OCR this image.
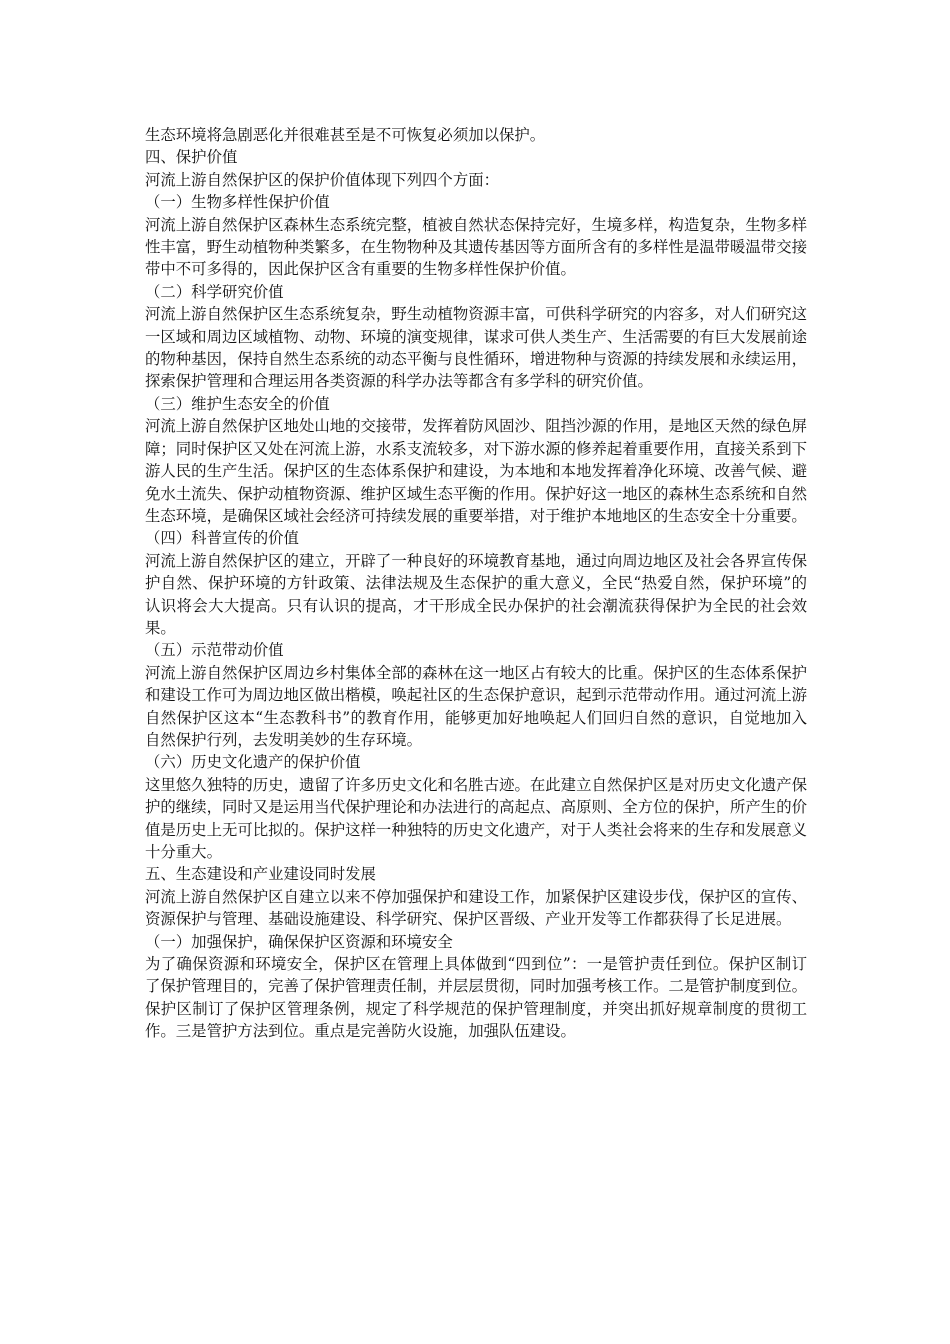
生态环境将急剧恶化并很难甚至是不可恢复必须加以保护。

四、保护价值

河流上游自然保护区的保护价值体现下列四个方面：

（一）生物多样性保护价值

河流上游自然保护区森林生态系统完整，植被自然状态保持完好，生境多样，构造复杂，生物多样性丰富，野生动植物种类繁多，在生物物种及其遗传基因等方面所含有的多样性是温带暖温带交接带中不可多得的，因此保护区含有重要的生物多样性保护价值。

（二）科学研究价值

河流上游自然保护区生态系统复杂，野生动植物资源丰富，可供科学研究的内容多，对人们研究这一区域和周边区域植物、动物、环境的演变规律，谋求可供人类生产、生活需要的有巨大发展前途的物种基因，保持自然生态系统的动态平衡与良性循环，增进物种与资源的持续发展和永续运用，探索保护管理和合理运用各类资源的科学办法等都含有多学科的研究价值。

（三）维护生态安全的价值

河流上游自然保护区地处山地的交接带，发挥着防风固沙、阻挡沙源的作用，是地区天然的绿色屏障；同时保护区又处在河流上游，水系支流较多，对下游水源的修养起着重要作用，直接关系到下游人民的生产生活。保护区的生态体系保护和建设，为本地和本地发挥着净化环境、改善气候、避免水土流失、保护动植物资源、维护区域生态平衡的作用。保护好这一地区的森林生态系统和自然生态环境，是确保区域社会经济可持续发展的重要举措，对于维护本地地区的生态安全十分重要。

（四）科普宣传的价值

河流上游自然保护区的建立，开辟了一种良好的环境教育基地，通过向周边地区及社会各界宣传保护自然、保护环境的方针政策、法律法规及生态保护的重大意义，全民“热爱自然，保护环境”的认识将会大大提高。只有认识的提高，才干形成全民办保护的社会潮流获得保护为全民的社会效果。

（五）示范带动价值

河流上游自然保护区周边乡村集体全部的森林在这一地区占有较大的比重。保护区的生态体系保护和建设工作可为周边地区做出楷模，唤起社区的生态保护意识，起到示范带动作用。通过河流上游自然保护区这本“生态教科书”的教育作用，能够更加好地唤起人们回归自然的意识，自觉地加入自然保护行列，去发明美妙的生存环境。

（六）历史文化遗产的保护价值

这里悠久独特的历史，遗留了许多历史文化和名胜古迹。在此建立自然保护区是对历史文化遗产保护的继续，同时又是运用当代保护理论和办法进行的高起点、高原则、全方位的保护，所产生的价值是历史上无可比拟的。保护这样一种独特的历史文化遗产，对于人类社会将来的生存和发展意义十分重大。

五、生态建设和产业建设同时发展

河流上游自然保护区自建立以来不停加强保护和建设工作，加紧保护区建设步伐，保护区的宣传、资源保护与管理、基础设施建设、科学研究、保护区晋级、产业开发等工作都获得了长足进展。

（一）加强保护，确保保护区资源和环境安全

为了确保资源和环境安全，保护区在管理上具体做到“四到位”：一是管护责任到位。保护区制订了保护管理目的，完善了保护管理责任制，并层层贯彻，同时加强考核工作。二是管护制度到位。保护区制订了保护区管理条例，规定了科学规范的保护管理制度，并突出抓好规章制度的贯彻工作。三是管护方法到位。重点是完善防火设施，加强队伍建设。
